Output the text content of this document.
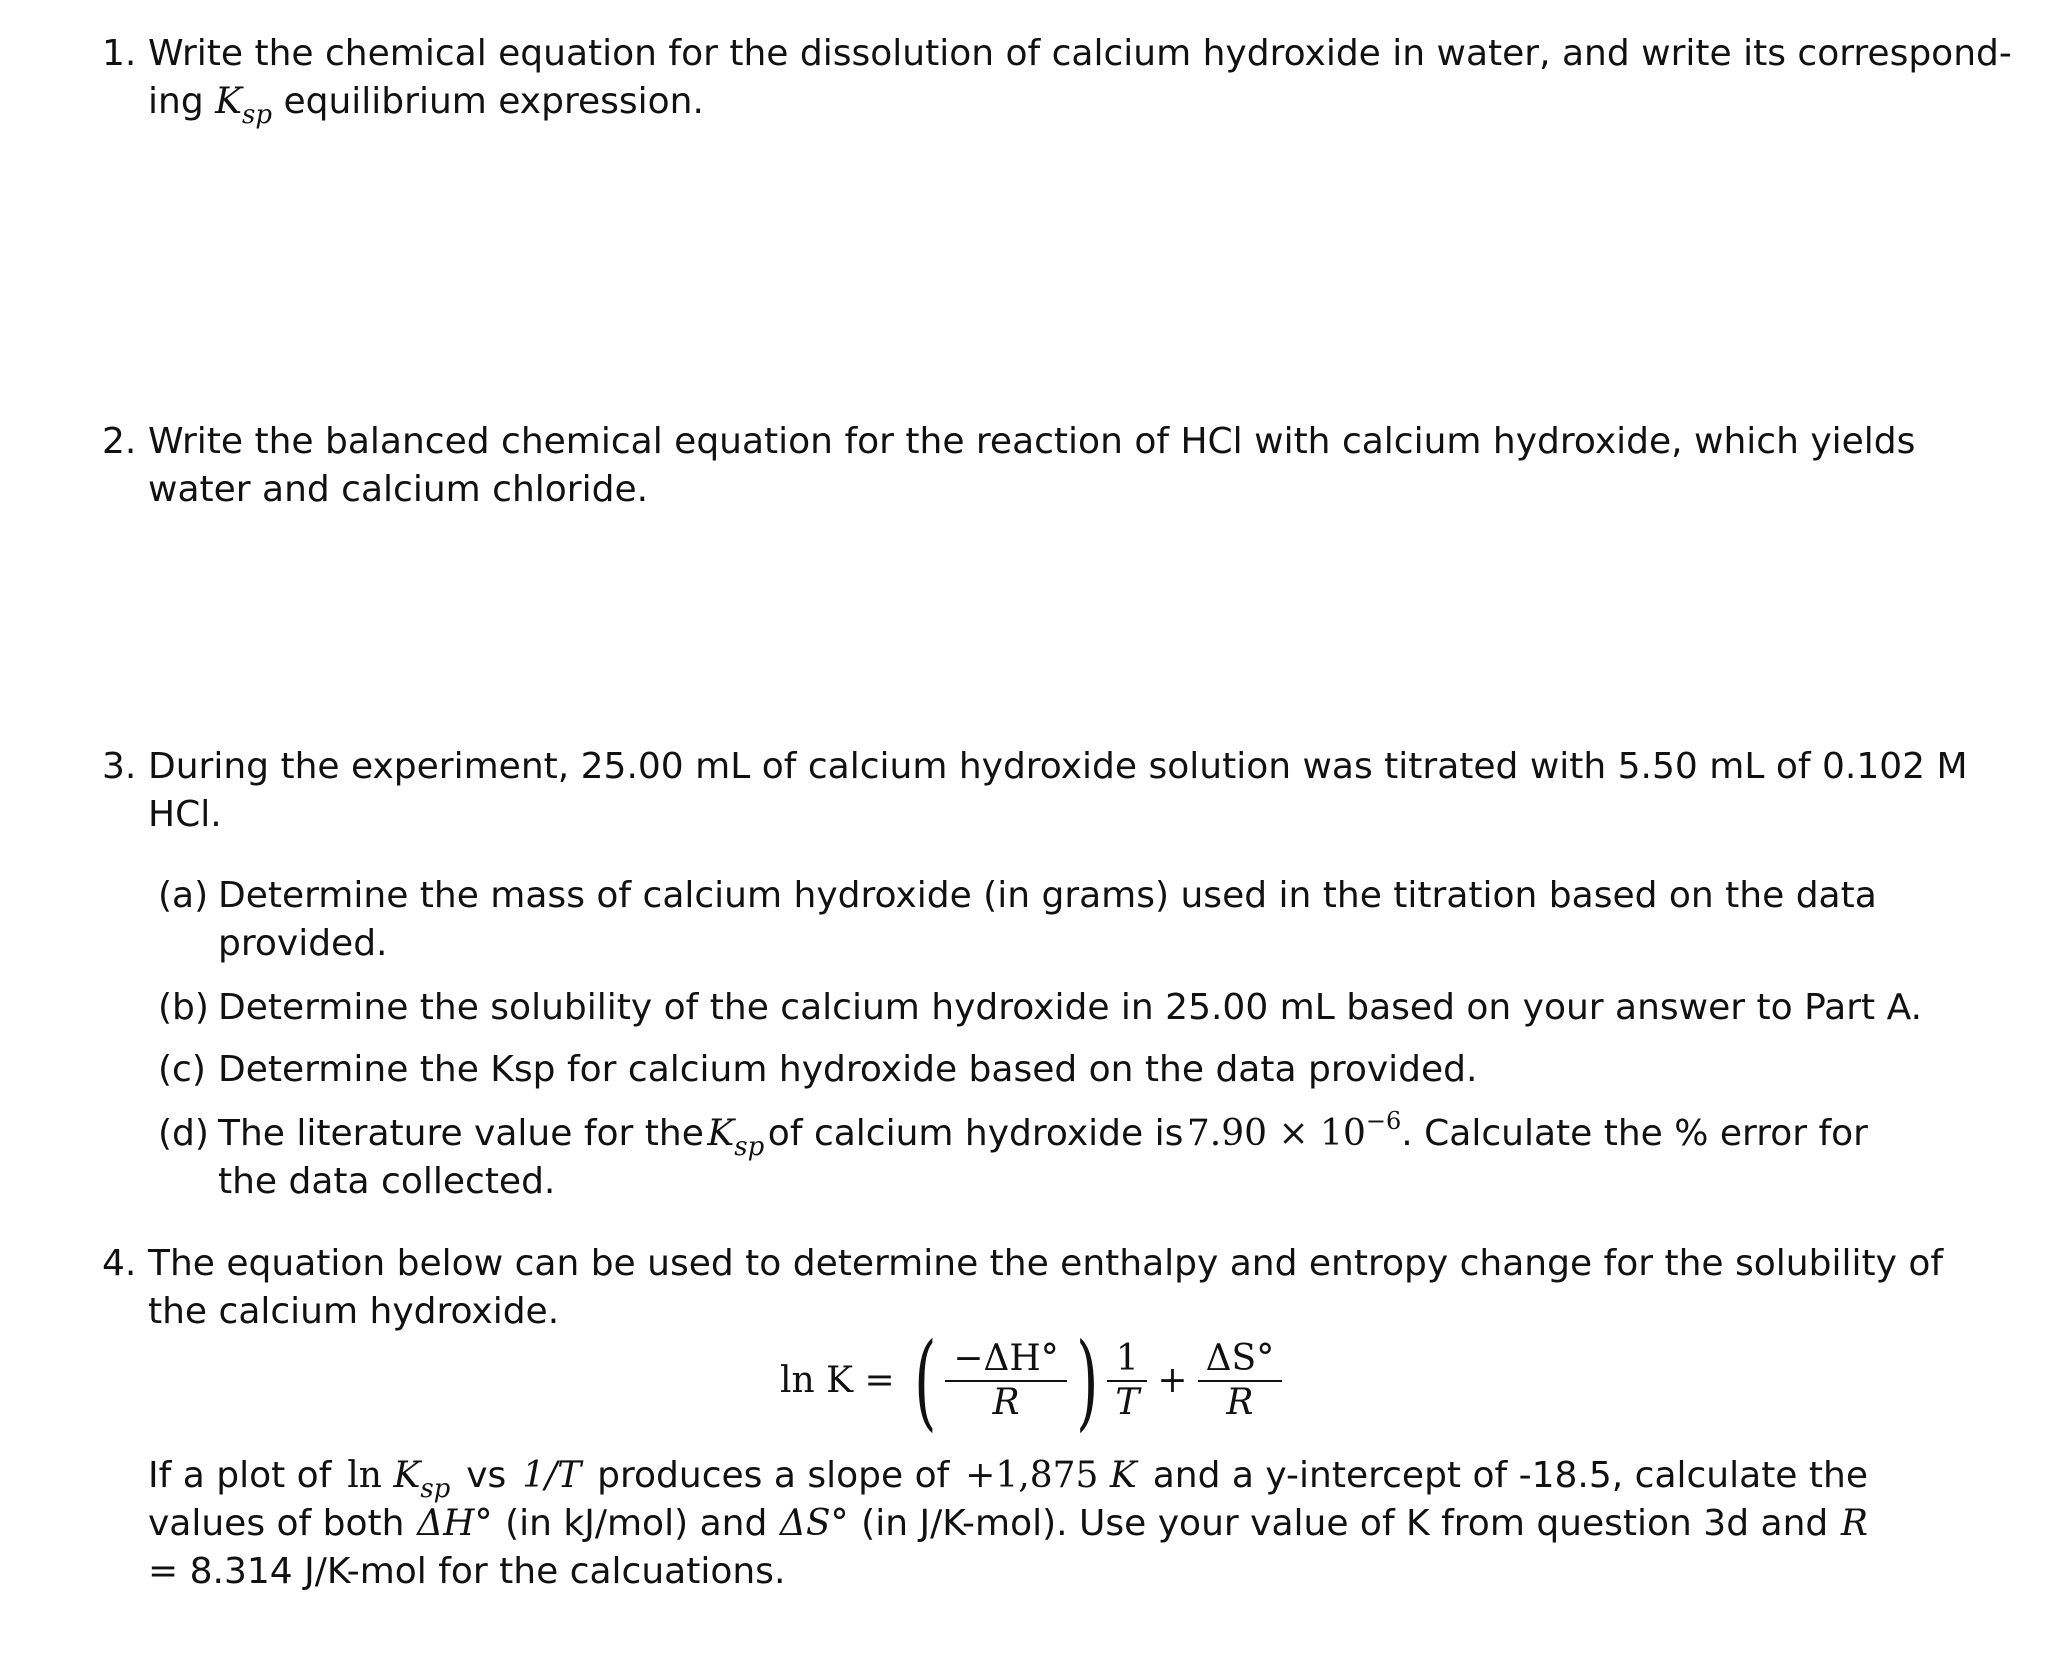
1. Write the chemical equation for the dissolution of calcium hydroxide in water, and write its correspond-
ing $K_{sp}$ equilibrium expression.
2. Write the balanced chemical equation for the reaction of HCl with calcium hydroxide, which yields
water and calcium chloride.
3. During the experiment, 25.00 mL of calcium hydroxide solution was titrated with 5.50 mL of 0.102 M
HCl.
(a) Determine the mass of calcium hydroxide (in grams) used in the titration based on the data
provided.
(b) Determine the solubility of the calcium hydroxide in 25.00 mL based on your answer to Part A.
(c) Determine the Ksp for calcium hydroxide based on the data provided.
(d) The literature value for the $K_{sp}$ of calcium hydroxide is $7.90 \times 10^{-6}$. Calculate the % error for
the data collected.
4. The equation below can be used to determine the enthalpy and entropy change for the solubility of
the calcium hydroxide.
ln K = ( $\frac{-\Delta H^\circ}{R}$ ) $\frac{1}{T} + \frac{\Delta S^\circ}{R}$
If a plot of $\ln K_{sp}$ vs 1/T produces a slope of +1,875 K and a y-intercept of -18.5, calculate the
values of both ΔH° (in kJ/mol) and ΔS° (in J/K-mol). Use your value of K from question 3d and R
= 8.314 J/K-mol for the calcuations.
